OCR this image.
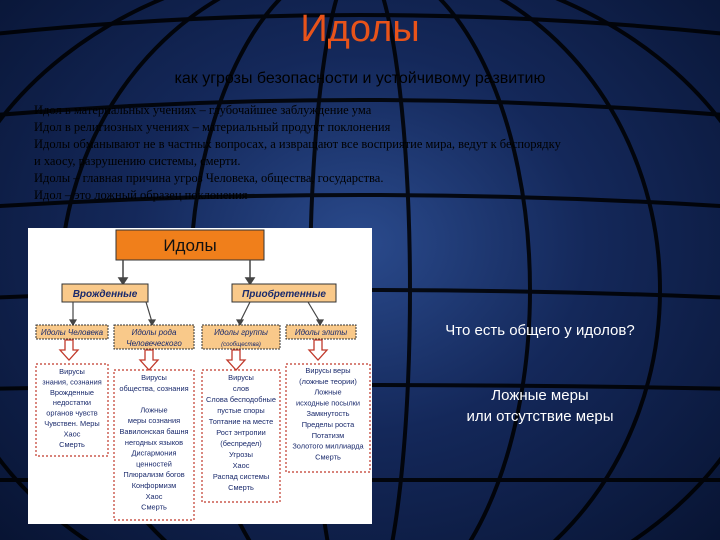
Идолы
как угрозы безопасности и устойчивому развитию
Идол в материальных учениях – глубочайшее заблуждение ума
Идол в религиозных учениях – материальный продукт поклонения
Идолы обманывают не в частных вопросах, а извращают все восприятие мира, ведут к беспорядку
и хаосу, разрушению системы, смерти.
Идолы – главная причина угроз Человека, общества, государства.
Идол – это ложный образец поклонения
Идолы
Врожденные	Приобретенные
Идолы Человека	Идолы рода
Человеческого
Идолы группы
(сообщества)
Идолы элиты
Вирусы
знания, сознания
Врожденные
недостатки
органов чувств
Чувствен. Меры
Хаос
Смерть
Вирусы
общества, сознания
Ложные
меры сознания
Вавилонская башня
негодных языков
Дисгармония
ценностей
Плюрализм богов
Конформизм
Хаос
Смерть
Вирусы
слов
Слова бесподобные
пустые споры
Топтание на месте
Рост энтропии
(беспредел)
Угрозы
Хаос
Распад системы
Смерть
Вирусы веры
(ложные теории)
Ложные
исходные посылки
Замкнутость
Пределы роста
Потатизм
Золотого миллиарда
Смерть
Что есть общего у идолов?
Ложные меры
или отсутствие меры
